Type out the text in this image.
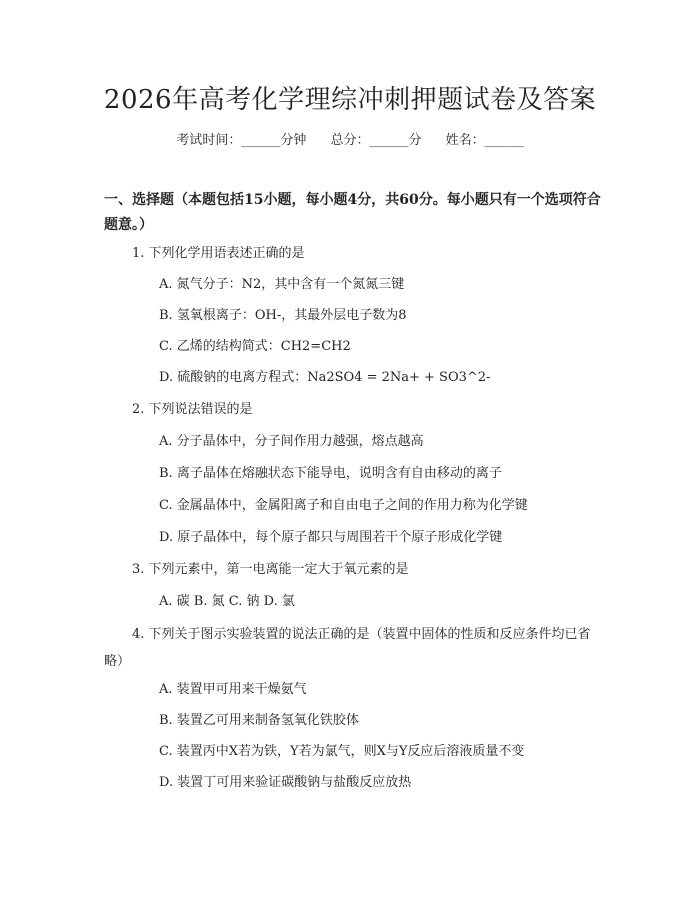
2026年高考化学理综冲刺押题试卷及答案
考试时间：______分钟 总分：______分 姓名：______
一、选择题（本题包括15小题，每小题4分，共60分。每小题只有一个选项符合题意。）
1. 下列化学用语表述正确的是
A. 氮气分子：N2，其中含有一个氮氮三键
B. 氢氧根离子：OH-，其最外层电子数为8
C. 乙烯的结构简式：CH2=CH2
D. 硫酸钠的电离方程式：Na2SO4 = 2Na+ + SO3^2-
2. 下列说法错误的是
A. 分子晶体中，分子间作用力越强，熔点越高
B. 离子晶体在熔融状态下能导电，说明含有自由移动的离子
C. 金属晶体中，金属阳离子和自由电子之间的作用力称为化学键
D. 原子晶体中，每个原子都只与周围若干个原子形成化学键
3. 下列元素中，第一电离能一定大于氧元素的是
A. 碳 B. 氮 C. 钠 D. 氯
4. 下列关于图示实验装置的说法正确的是（装置中固体的性质和反应条件均已省略）
A. 装置甲可用来干燥氨气
B. 装置乙可用来制备氢氧化铁胶体
C. 装置丙中X若为铁，Y若为氯气，则X与Y反应后溶液质量不变
D. 装置丁可用来验证碳酸钠与盐酸反应放热
